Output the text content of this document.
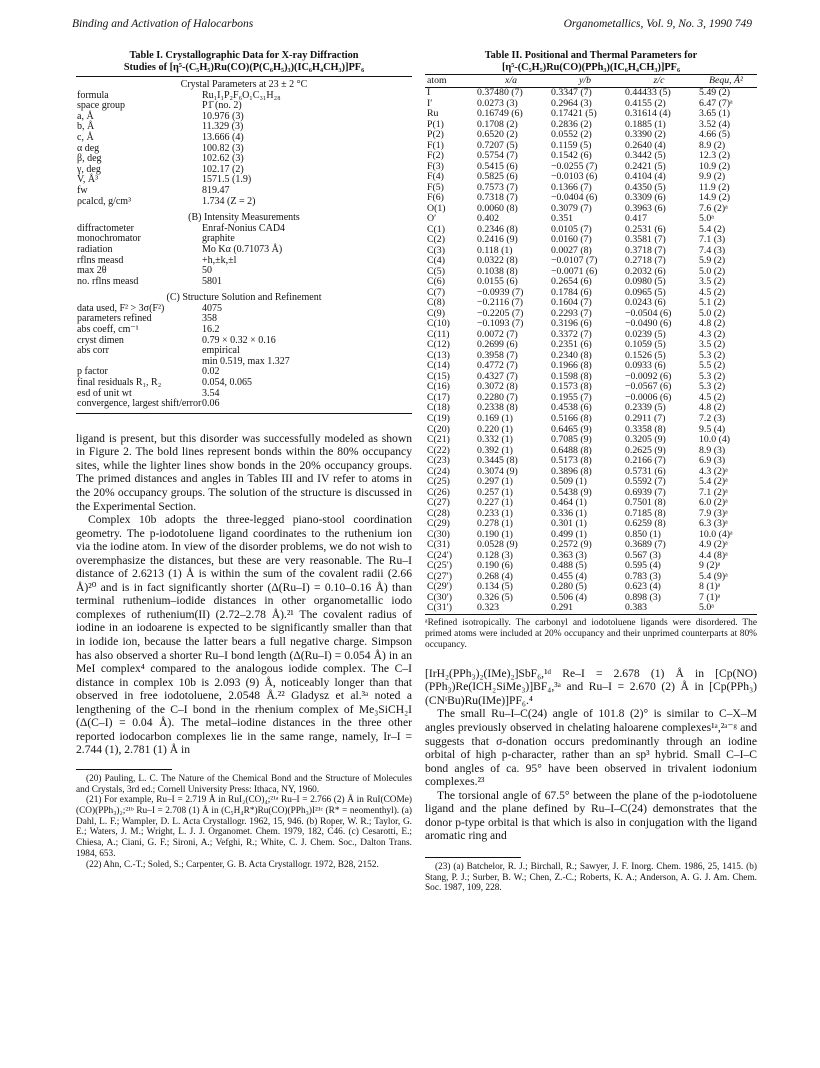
Binding and Activation of Halocarbons	Organometallics, Vol. 9, No. 3, 1990 749
Table I. Crystallographic Data for X-ray Diffraction
Studies of [η⁵-(C₅H₅)Ru(CO)(P(C₆H₅)₃)(IC₆H₄CH₃)]PF₆
Crystal Parameters at 23 ± 2 °C
formula	Ru₁I₁P₂F₆O₁C₃₁H₂₈
space group	P1̄ (no. 2)
a, Å	10.976 (3)
b, Å	11.329 (3)
c, Å	13.666 (4)
α deg	100.82 (3)
β, deg	102.62 (3)
γ, deg	102.17 (2)
V, Å³	1571.5 (1.9)
fw	819.47
ρcalcd, g/cm³	1.734 (Z = 2)
(B) Intensity Measurements
diffractometer	Enraf-Nonius CAD4
monochromator	graphite
radiation	Mo Kα (0.71073 Å)
rflns measd	+h,±k,±l
max 2θ	50
no. rflns measd	5801
(C) Structure Solution and Refinement
data used, F² > 3σ(F²)	4075
parameters refined	358
abs coeff, cm⁻¹	16.2
cryst dimen	0.79 × 0.32 × 0.16
abs corr	empirical
min 0.519, max 1.327
p factor	0.02
final residuals R₁, R₂	0.054, 0.065
esd of unit wt	3.54
convergence, largest shift/error 0.06

ligand is present, but this disorder was successfully modeled as shown in Figure 2. The bold lines represent bonds within the 80% occupancy sites, while the lighter lines show bonds in the 20% occupancy groups. The primed distances and angles in Tables III and IV refer to atoms in the 20% occupancy groups. The solution of the structure is discussed in the Experimental Section.

Complex 10b adopts the three-legged piano-stool coordination geometry. The p-iodotoluene ligand coordinates to the ruthenium ion via the iodine atom. In view of the disorder problems, we do not wish to overemphasize the distances, but these are very reasonable. The Ru–I distance of 2.6213 (1) Å is within the sum of the covalent radii (2.66 Å)²⁰ and is in fact significantly shorter (Δ(Ru–I) = 0.10–0.16 Å) than terminal ruthenium–iodide distances in other organometallic iodo complexes of ruthenium(II) (2.72–2.78 Å).²¹ The covalent radius of iodine in an iodoarene is expected to be significantly smaller than that in iodide ion, because the latter bears a full negative charge. Simpson has also observed a shorter Ru–I bond length (Δ(Ru–I) = 0.054 Å) in an MeI complex⁴ compared to the analogous iodide complex. The C–I distance in complex 10b is 2.093 (9) Å, noticeably longer than that observed in free iodotoluene, 2.0548 Å.²² Gladysz et al.³ᵃ noted a lengthening of the C–I bond in the rhenium complex of Me₃SiCH₂I (Δ(C–I) = 0.04 Å). The metal–iodine distances in the three other reported iodocarbon complexes lie in the same range, namely, Ir–I = 2.744 (1), 2.781 (1) Å in

(20) Pauling, L. C. The Nature of the Chemical Bond and the Structure of Molecules and Crystals, 3rd ed.; Cornell University Press: Ithaca, NY, 1960.

(21) For example, Ru–I = 2.719 Å in RuI₂(CO)₄;²¹ᵃ Ru–I = 2.766 (2) Å in RuI(COMe)(CO)(PPh₃)₂;²¹ᵇ Ru–I = 2.708 (1) Å in (C₅H₄R*)Ru(CO)(PPh₃)I²¹ᶜ (R* = neomenthyl). (a) Dahl, L. F.; Wampler, D. L. Acta Crystallogr. 1962, 15, 946. (b) Roper, W. R.; Taylor, G. E.; Waters, J. M.; Wright, L. J. J. Organomet. Chem. 1979, 182, C46. (c) Cesarotti, E.; Chiesa, A.; Ciani, G. F.; Sironi, A.; Vefghi, R.; White, C. J. Chem. Soc., Dalton Trans. 1984, 653.

(22) Ahn, C.-T.; Soled, S.; Carpenter, G. B. Acta Crystallogr. 1972, B28, 2152.

Table II. Positional and Thermal Parameters for
[η⁵-(C₅H₅)Ru(CO)(PPh₃)(IC₆H₄CH₃)]PF₆
atom	x/a	y/b	z/c	Bequ, Å²
I	0.37480 (7)	0.3347 (7)	0.44433 (5)	5.49 (2)
I′	0.0273 (3)	0.2964 (3)	0.4155 (2)	6.47 (7)ᵃ
Ru	0.16749 (6)	0.17421 (5)	0.31614 (4)	3.65 (1)
P(1)	0.1708 (2)	0.2836 (2)	0.1885 (1)	3.52 (4)
P(2)	0.6520 (2)	0.0552 (2)	0.3390 (2)	4.66 (5)
F(1)	0.7207 (5)	0.1159 (5)	0.2640 (4)	8.9 (2)
F(2)	0.5754 (7)	0.1542 (6)	0.3442 (5)	12.3 (2)
F(3)	0.5415 (6)	−0.0255 (7)	0.2421 (5)	10.9 (2)
F(4)	0.5825 (6)	−0.0103 (6)	0.4104 (4)	9.9 (2)
F(5)	0.7573 (7)	0.1366 (7)	0.4350 (5)	11.9 (2)
F(6)	0.7318 (7)	−0.0404 (6)	0.3309 (6)	14.9 (2)
O(1)	0.0060 (8)	0.3079 (7)	0.3963 (6)	7.6 (2)ᵃ
O′	0.402	0.351	0.417	5.0ᵃ
C(1)	0.2346 (8)	0.0105 (7)	0.2531 (6)	5.4 (2)
C(2)	0.2416 (9)	0.0160 (7)	0.3581 (7)	7.1 (3)
C(3)	0.118 (1)	0.0027 (8)	0.3718 (7)	7.4 (3)
C(4)	0.0322 (8)	−0.0107 (7)	0.2718 (7)	5.9 (2)
C(5)	0.1038 (8)	−0.0071 (6)	0.2032 (6)	5.0 (2)
C(6)	0.0155 (6)	0.2654 (6)	0.0980 (5)	3.5 (2)
C(7)	−0.0939 (7)	0.1784 (6)	0.0965 (5)	4.5 (2)
C(8)	−0.2116 (7)	0.1604 (7)	0.0243 (6)	5.1 (2)
C(9)	−0.2205 (7)	0.2293 (7)	−0.0504 (6)	5.0 (2)
C(10)	−0.1093 (7)	0.3196 (6)	−0.0490 (6)	4.8 (2)
C(11)	0.0072 (7)	0.3372 (7)	0.0239 (5)	4.3 (2)
C(12)	0.2699 (6)	0.2351 (6)	0.1059 (5)	3.5 (2)
C(13)	0.3958 (7)	0.2340 (8)	0.1526 (5)	5.3 (2)
C(14)	0.4772 (7)	0.1966 (8)	0.0933 (6)	5.5 (2)
C(15)	0.4327 (7)	0.1598 (8)	−0.0092 (6)	5.3 (2)
C(16)	0.3072 (8)	0.1573 (8)	−0.0567 (6)	5.3 (2)
C(17)	0.2280 (7)	0.1955 (7)	−0.0006 (6)	4.5 (2)
C(18)	0.2338 (8)	0.4538 (6)	0.2339 (5)	4.8 (2)
C(19)	0.169 (1)	0.5166 (8)	0.2911 (7)	7.2 (3)
C(20)	0.220 (1)	0.6465 (9)	0.3358 (8)	9.5 (4)
C(21)	0.332 (1)	0.7085 (9)	0.3205 (9)	10.0 (4)
C(22)	0.392 (1)	0.6488 (8)	0.2625 (9)	8.9 (3)
C(23)	0.3445 (8)	0.5173 (8)	0.2166 (7)	6.9 (3)
C(24)	0.3074 (9)	0.3896 (8)	0.5731 (6)	4.3 (2)ᵃ
C(25)	0.297 (1)	0.509 (1)	0.5592 (7)	5.4 (2)ᵃ
C(26)	0.257 (1)	0.5438 (9)	0.6939 (7)	7.1 (2)ᵃ
C(27)	0.227 (1)	0.464 (1)	0.7501 (8)	6.0 (2)ᵃ
C(28)	0.233 (1)	0.336 (1)	0.7185 (8)	7.9 (3)ᵃ
C(29)	0.278 (1)	0.301 (1)	0.6259 (8)	6.3 (3)ᵃ
C(30)	0.190 (1)	0.499 (1)	0.850 (1)	10.0 (4)ᵃ
C(31)	0.0528 (9)	0.2572 (9)	0.3689 (7)	4.9 (2)ᵃ
C(24′)	0.128 (3)	0.363 (3)	0.567 (3)	4.4 (8)ᵃ
C(25′)	0.190 (6)	0.488 (5)	0.595 (4)	9 (2)ᵃ
C(27′)	0.268 (4)	0.455 (4)	0.783 (3)	5.4 (9)ᵃ
C(29′)	0.134 (5)	0.280 (5)	0.623 (4)	8 (1)ᵃ
C(30′)	0.326 (5)	0.506 (4)	0.898 (3)	7 (1)ᵃ
C(31′)	0.323	0.291	0.383	5.0ᵃ

ᵃRefined isotropically. The carbonyl and iodotoluene ligands were disordered. The primed atoms were included at 20% occupancy and their unprimed counterparts at 80% occupancy.

[IrH₂(PPh₃)₂(IMe)₂]SbF₆,¹ᵈ Re–I = 2.678 (1) Å in [Cp(NO)(PPh₃)Re(ICH₂SiMe₃)]BF₄,³ᵃ and Ru–I = 2.670 (2) Å in [Cp(PPh₃)(CNᵗBu)Ru(IMe)]PF₆.⁴

The small Ru–I–C(24) angle of 101.8 (2)° is similar to C–X–M angles previously observed in chelating haloarene complexes¹ᵃ,²ᵃ⁻ᵍ and suggests that σ-donation occurs predominantly through an iodine orbital of high p-character, rather than an sp³ hybrid. Small C–I–C bond angles of ca. 95° have been observed in trivalent iodonium complexes.²³

The torsional angle of 67.5° between the plane of the p-iodotoluene ligand and the plane defined by Ru–I–C(24) demonstrates that the donor p-type orbital is that which is also in conjugation with the ligand aromatic ring and

(23) (a) Batchelor, R. J.; Birchall, R.; Sawyer, J. F. Inorg. Chem. 1986, 25, 1415. (b) Stang, P. J.; Surber, B. W.; Chen, Z.-C.; Roberts, K. A.; Anderson, A. G. J. Am. Chem. Soc. 1987, 109, 228.
